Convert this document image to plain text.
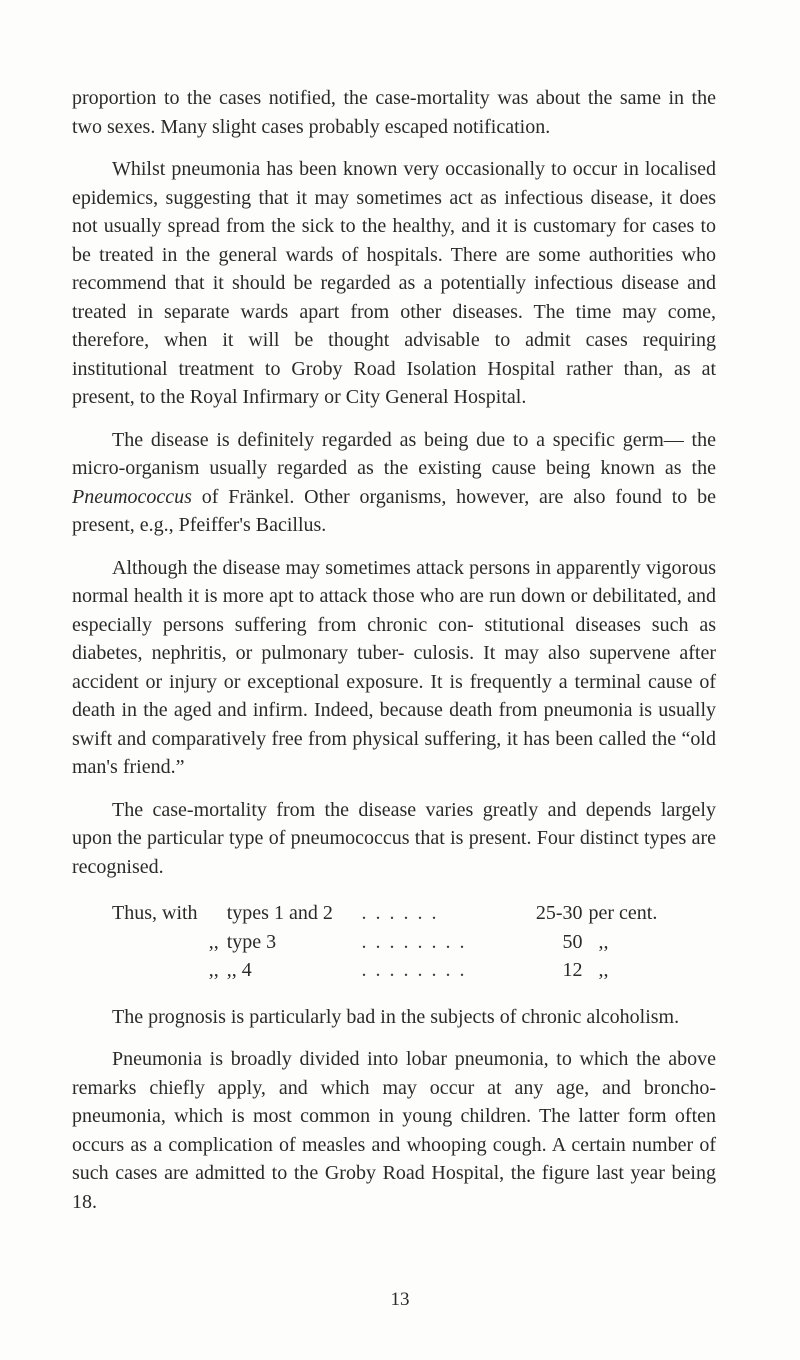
proportion to the cases notified, the case-mortality was about the same in the two sexes. Many slight cases probably escaped notification.

Whilst pneumonia has been known very occasionally to occur in localised epidemics, suggesting that it may sometimes act as infectious disease, it does not usually spread from the sick to the healthy, and it is customary for cases to be treated in the general wards of hospitals. There are some authorities who recommend that it should be regarded as a potentially infectious disease and treated in separate wards apart from other diseases. The time may come, therefore, when it will be thought advisable to admit cases requiring institutional treatment to Groby Road Isolation Hospital rather than, as at present, to the Royal Infirmary or City General Hospital.

The disease is definitely regarded as being due to a specific germ— the micro-organism usually regarded as the existing cause being known as the Pneumococcus of Fränkel. Other organisms, however, are also found to be present, e.g., Pfeiffer's Bacillus.

Although the disease may sometimes attack persons in apparently vigorous normal health it is more apt to attack those who are run down or debilitated, and especially persons suffering from chronic con- stitutional diseases such as diabetes, nephritis, or pulmonary tuber- culosis. It may also supervene after accident or injury or exceptional exposure. It is frequently a terminal cause of death in the aged and infirm. Indeed, because death from pneumonia is usually swift and comparatively free from physical suffering, it has been called the “old man's friend.”

The case-mortality from the disease varies greatly and depends largely upon the particular type of pneumococcus that is present. Four distinct types are recognised.

Thus, with	types 1 and 2	. . . . . .	25-30	per cent.
,,	type 3	. . . . . . . .	50	,,
,,	,, 4	. . . . . . . .	12	,,

The prognosis is particularly bad in the subjects of chronic alcoholism.

Pneumonia is broadly divided into lobar pneumonia, to which the above remarks chiefly apply, and which may occur at any age, and broncho-pneumonia, which is most common in young children. The latter form often occurs as a complication of measles and whooping cough. A certain number of such cases are admitted to the Groby Road Hospital, the figure last year being 18.

13
